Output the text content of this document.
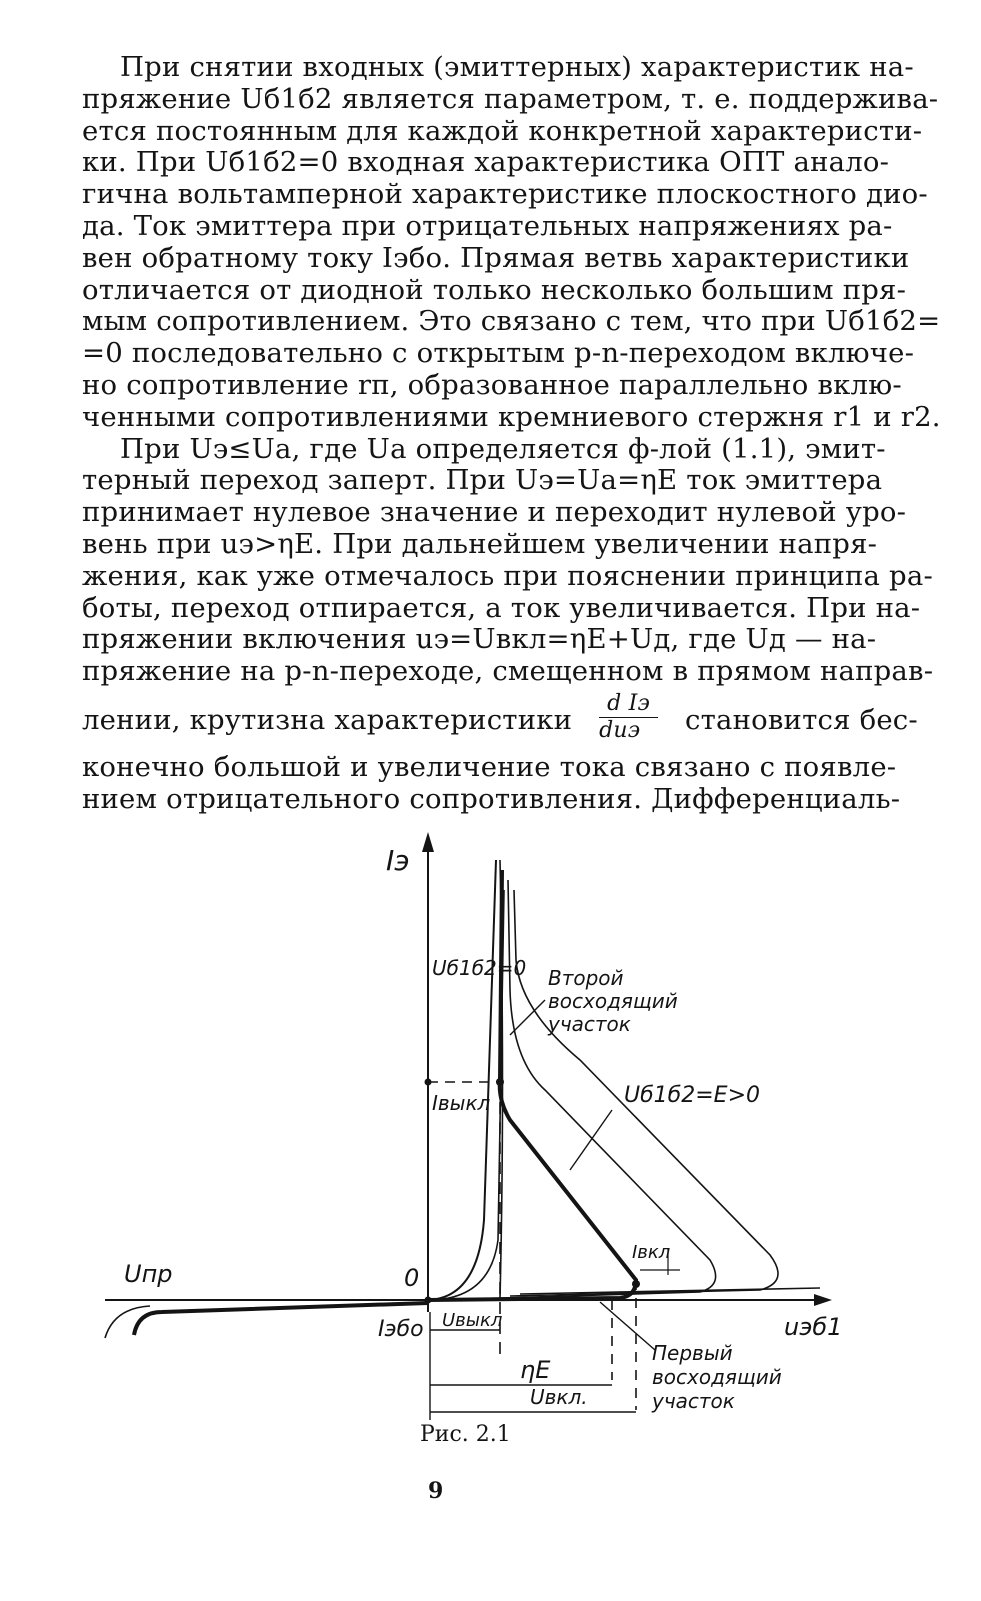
При снятии входных (эмиттерных) характеристик на-
пряжение Uб1б2 является параметром, т. е. поддержива-
ется постоянным для каждой конкретной характеристи-
ки. При Uб1б2=0 входная характеристика ОПТ анало-
гична вольтамперной характеристике плоскостного дио-
да. Ток эмиттера при отрицательных напряжениях ра-
вен обратному току Iэбо. Прямая ветвь характеристики
отличается от диодной только несколько большим пря-
мым сопротивлением. Это связано с тем, что при Uб1б2=
=0 последовательно с открытым p-n-переходом включе-
но сопротивление rп, образованное параллельно вклю-
ченными сопротивлениями кремниевого стержня r1 и r2.
При Uэ≤Ua, где Ua определяется ф-лой (1.1), эмит-
терный переход заперт. При Uэ=Ua=ηE ток эмиттера
принимает нулевое значение и переходит нулевой уро-
вень при uэ>ηE. При дальнейшем увеличении напря-
жения, как уже отмечалось при пояснении принципа ра-
боты, переход отпирается, а ток увеличивается. При на-
пряжении включения uэ=Uвкл=ηE+Uд, где Uд — на-
пряжение на p-n-переходе, смещенном в прямом направ-
лении, крутизна характеристики $\frac{\text{d Iэ}}{\text{duэ}}$ становится бес-
конечно большой и увеличение тока связано с появле-
нием отрицательного сопротивления. Дифференциаль-
Iэ
uэб1
0
Uпр
Iэбо Uвыкл
ηE
Uвкл.
Iвыкл
Iвкл
Uб1б2=0
Uб1б2=E>0
Второй
восходящий
участок
Первый
восходящий
участок
Рис. 2.1
9
